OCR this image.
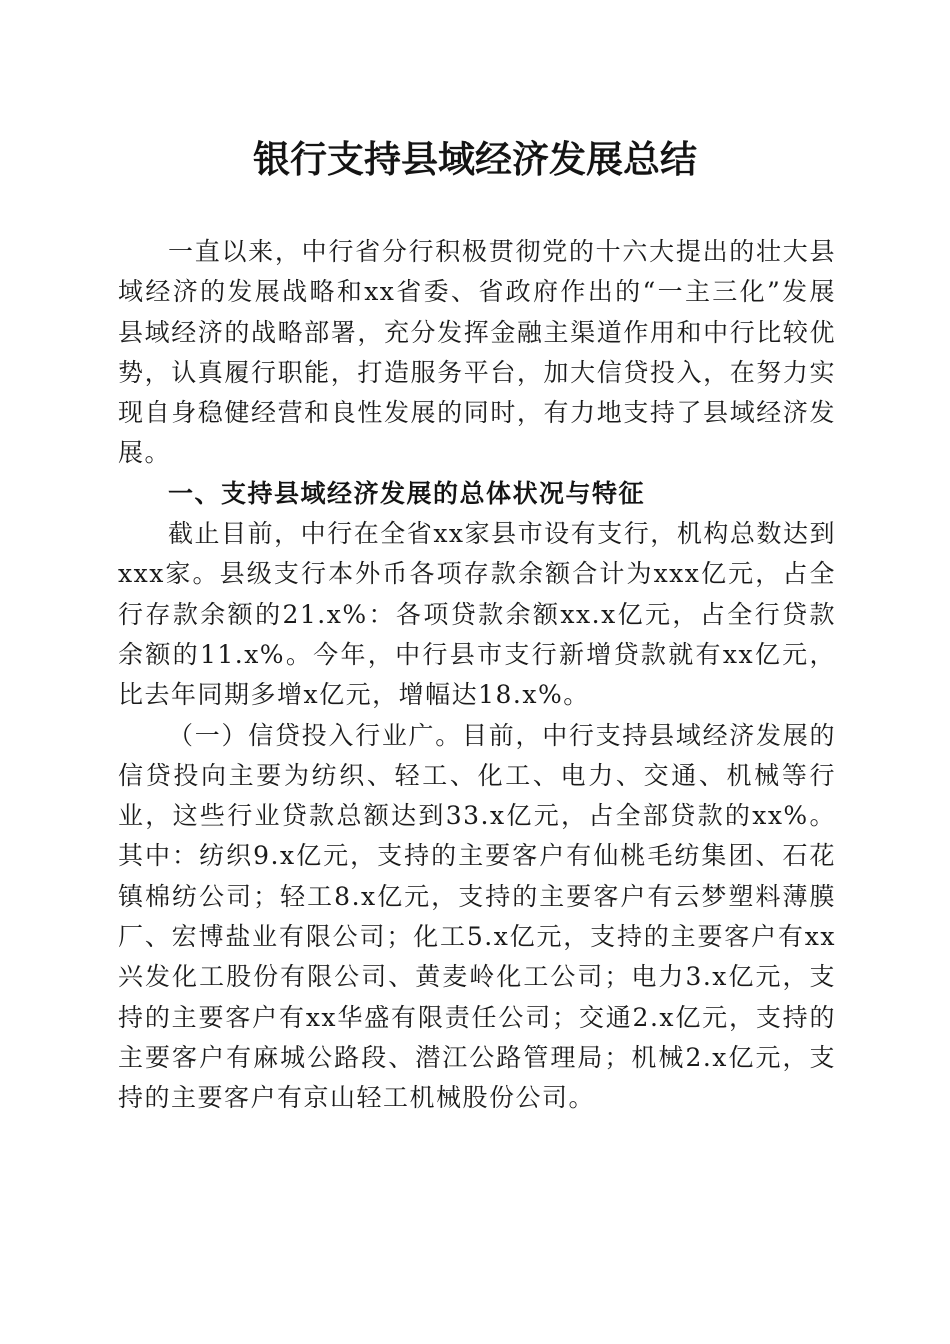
银行支持县域经济发展总结

一直以来，中行省分行积极贯彻党的十六大提出的壮大县域经济的发展战略和xx省委、省政府作出的“一主三化”发展县域经济的战略部署，充分发挥金融主渠道作用和中行比较优势，认真履行职能，打造服务平台，加大信贷投入，在努力实现自身稳健经营和良性发展的同时，有力地支持了县域经济发展。

一、支持县域经济发展的总体状况与特征

截止目前，中行在全省xx家县市设有支行，机构总数达到xxx家。县级支行本外币各项存款余额合计为xxx亿元，占全行存款余额的21.x%：各项贷款余额xx.x亿元，占全行贷款余额的11.x%。今年，中行县市支行新增贷款就有xx亿元，比去年同期多增x亿元，增幅达18.x%。

（一）信贷投入行业广。目前，中行支持县域经济发展的信贷投向主要为纺织、轻工、化工、电力、交通、机械等行业，这些行业贷款总额达到33.x亿元，占全部贷款的xx%。其中：纺织9.x亿元，支持的主要客户有仙桃毛纺集团、石花镇棉纺公司；轻工8.x亿元，支持的主要客户有云梦塑料薄膜厂、宏博盐业有限公司；化工5.x亿元，支持的主要客户有xx兴发化工股份有限公司、黄麦岭化工公司；电力3.x亿元，支持的主要客户有xx华盛有限责任公司；交通2.x亿元，支持的主要客户有麻城公路段、潜江公路管理局；机械2.x亿元，支持的主要客户有京山轻工机械股份公司。
